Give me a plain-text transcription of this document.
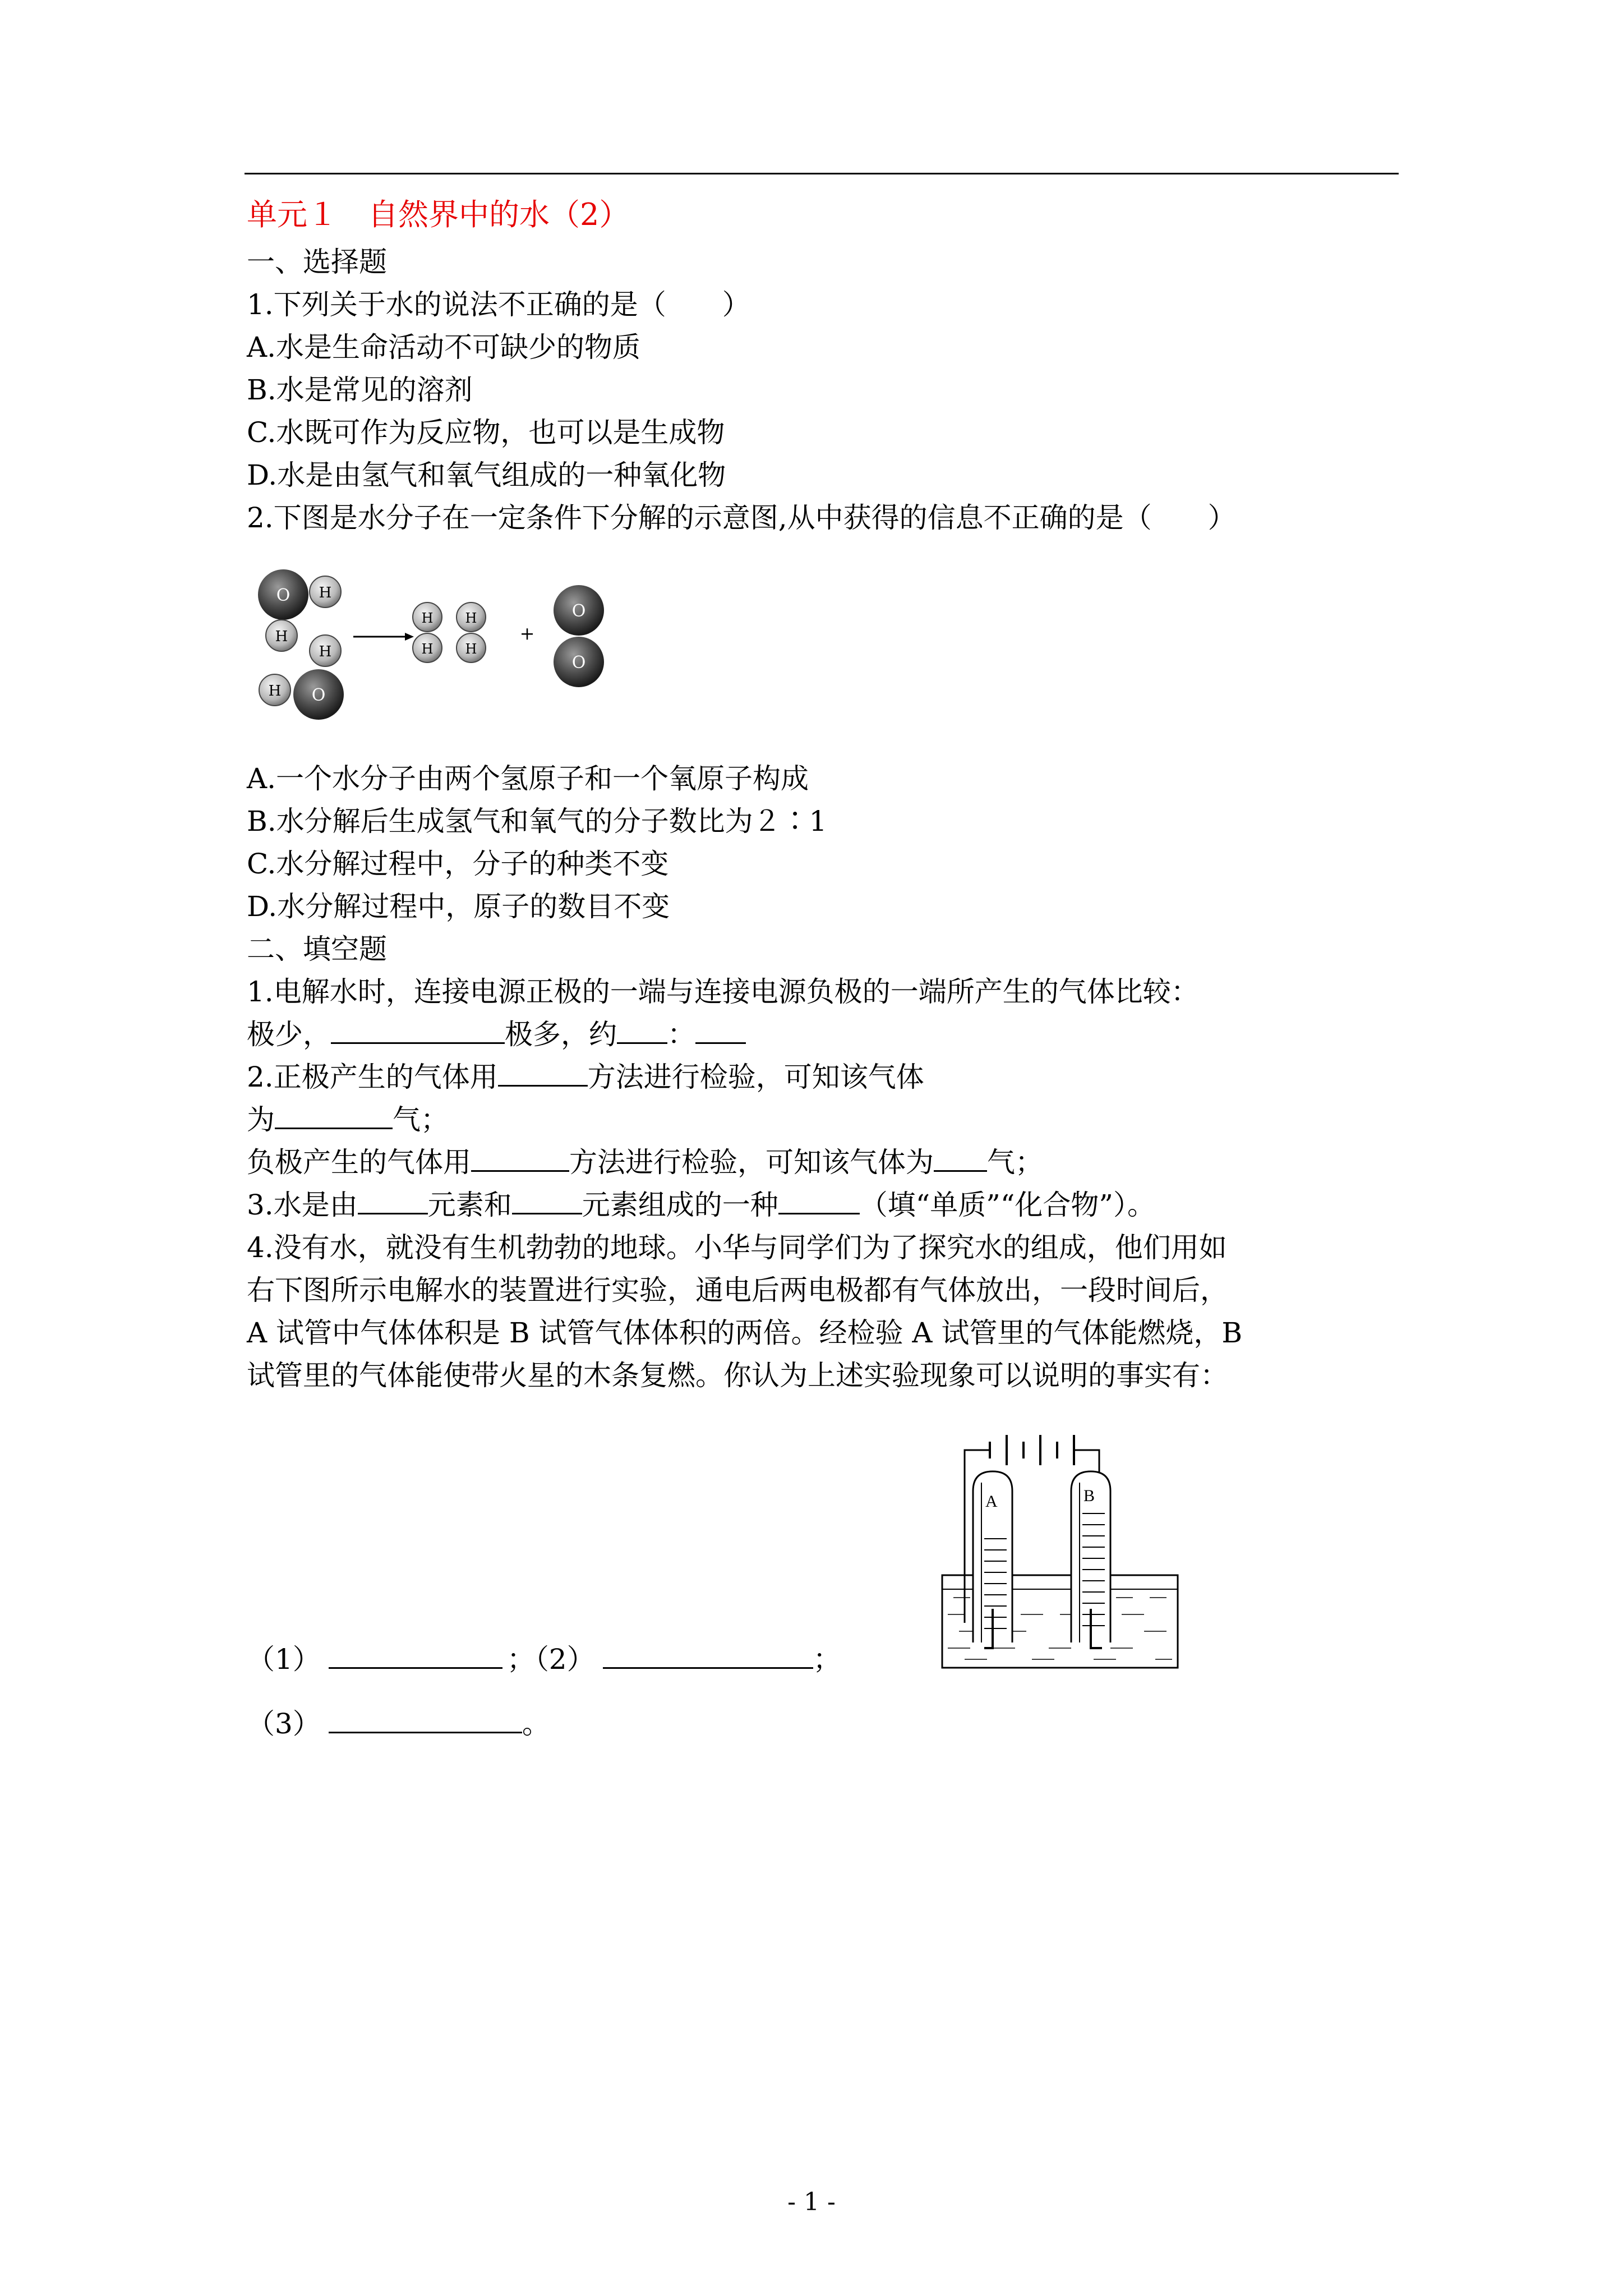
单元１　自然界中的水（2）
一、选择题
1.下列关于水的说法不正确的是（　　）
A.水是生命活动不可缺少的物质
B.水是常见的溶剂
C.水既可作为反应物，也可以是生成物
D.水是由氢气和氧气组成的一种氧化物
2.下图是水分子在一定条件下分解的示意图,从中获得的信息不正确的是（　　）
O H
H
H
O
H
H
H
H
H
+
O
O
A.一个水分子由两个氢原子和一个氧原子构成
B.水分解后生成氢气和氧气的分子数比为２∶1
C.水分解过程中，分子的种类不变
D.水分解过程中，原子的数目不变
二、填空题
1.电解水时，连接电源正极的一端与连接电源负极的一端所产生的气体比较：
极少，	极多，约 ：
2.正极产生的气体用	方法进行检验，可知该气体
为	气；
负极产生的气体用	方法进行检验，可知该气体为 气；
3.水是由	元素和	元素组成的一种	（填“单质”“化合物”）。
4.没有水，就没有生机勃勃的地球。小华与同学们为了探究水的组成，他们用如
右下图所示电解水的装置进行实验，通电后两电极都有气体放出，一段时间后，
A 试管中气体体积是 B 试管气体体积的两倍。经检验 A 试管里的气体能燃烧，B
试管里的气体能使带火星的木条复燃。你认为上述实验现象可以说明的事实有：
A	B
（1）	；（2）	；
（3）	。
- 1 -
